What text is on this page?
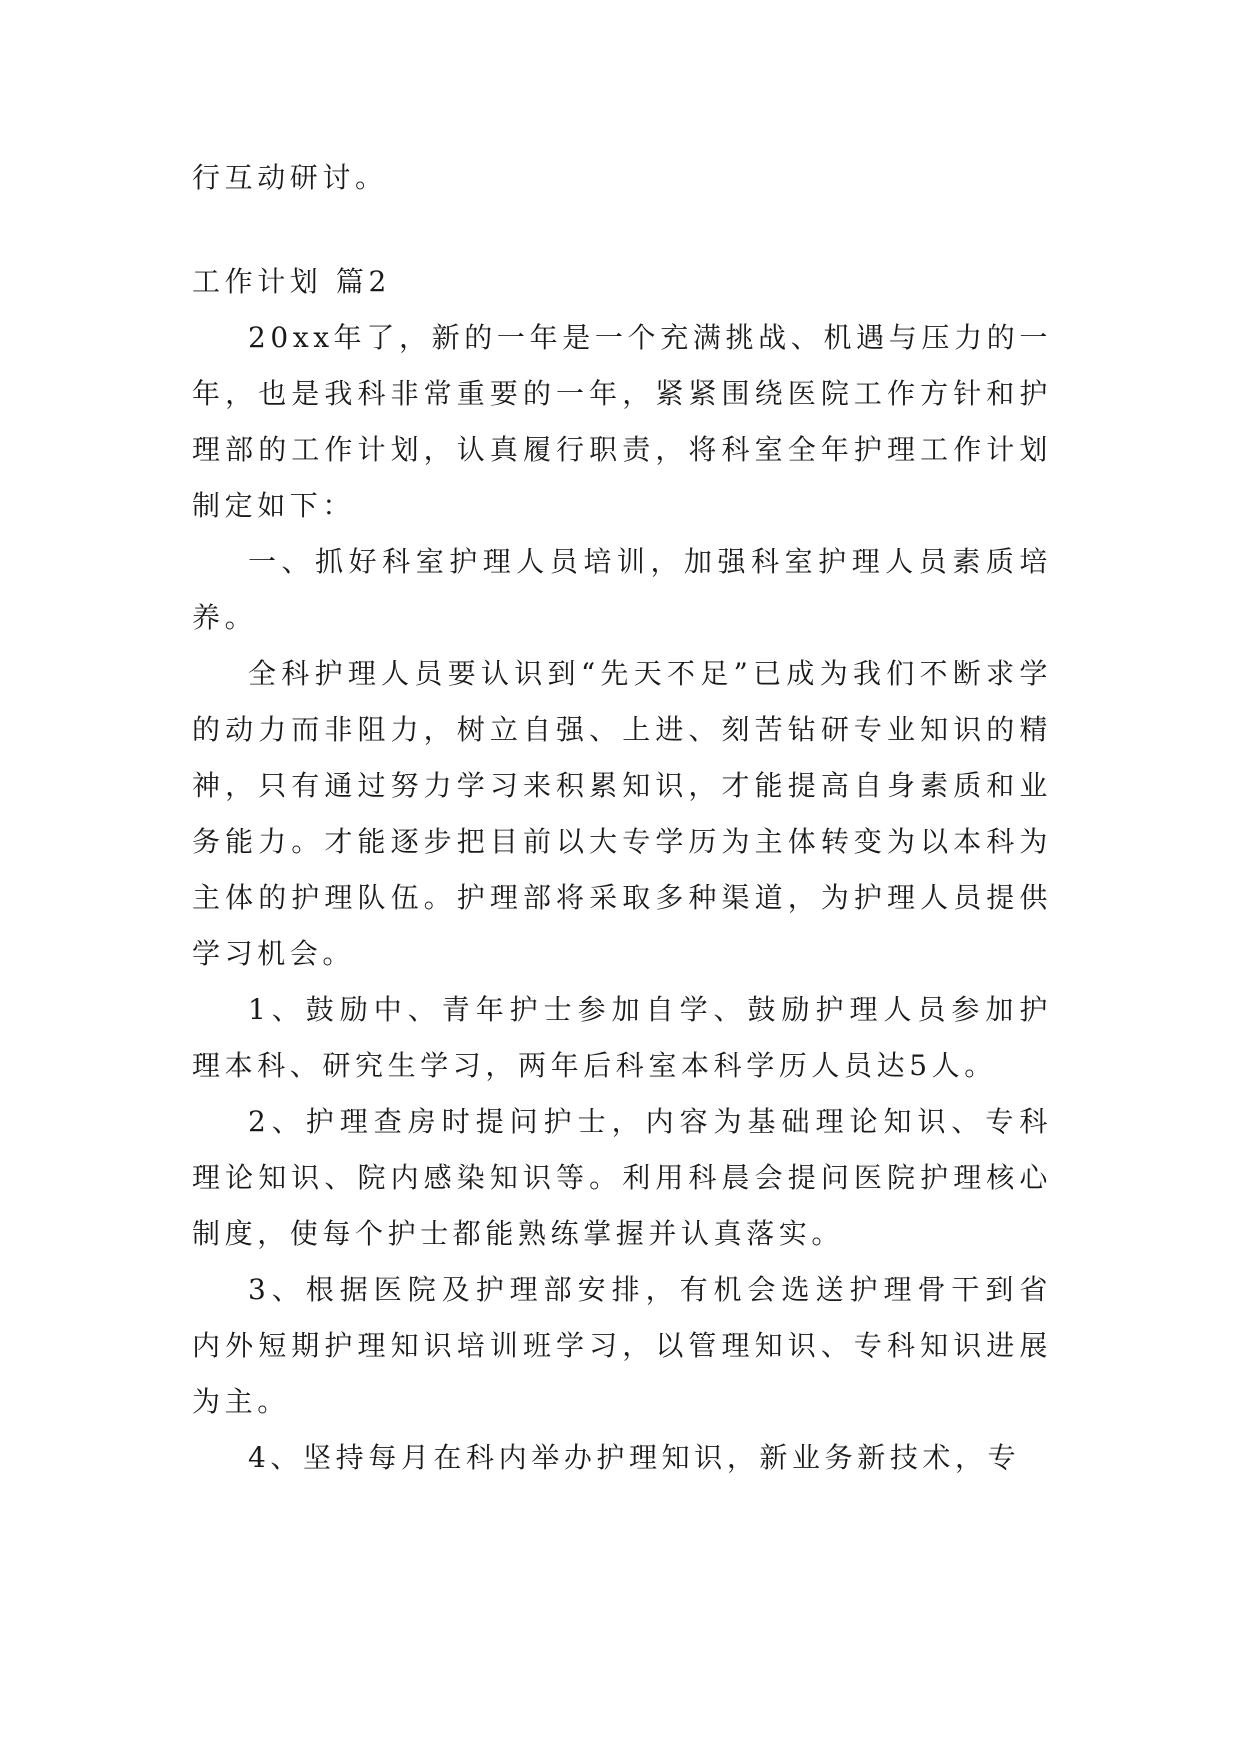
行互动研讨。

工作计划 篇2

20xx年了，新的一年是一个充满挑战、机遇与压力的一年，也是我科非常重要的一年，紧紧围绕医院工作方针和护理部的工作计划，认真履行职责，将科室全年护理工作计划制定如下：

一、抓好科室护理人员培训，加强科室护理人员素质培养。

全科护理人员要认识到“先天不足”已成为我们不断求学的动力而非阻力，树立自强、上进、刻苦钻研专业知识的精神，只有通过努力学习来积累知识，才能提高自身素质和业务能力。才能逐步把目前以大专学历为主体转变为以本科为主体的护理队伍。护理部将采取多种渠道，为护理人员提供学习机会。

1、鼓励中、青年护士参加自学、鼓励护理人员参加护理本科、研究生学习，两年后科室本科学历人员达5人。

2、护理查房时提问护士，内容为基础理论知识、专科理论知识、院内感染知识等。利用科晨会提问医院护理核心制度，使每个护士都能熟练掌握并认真落实。

3、根据医院及护理部安排，有机会选送护理骨干到省内外短期护理知识培训班学习，以管理知识、专科知识进展为主。

4、坚持每月在科内举办护理知识，新业务新技术，专
